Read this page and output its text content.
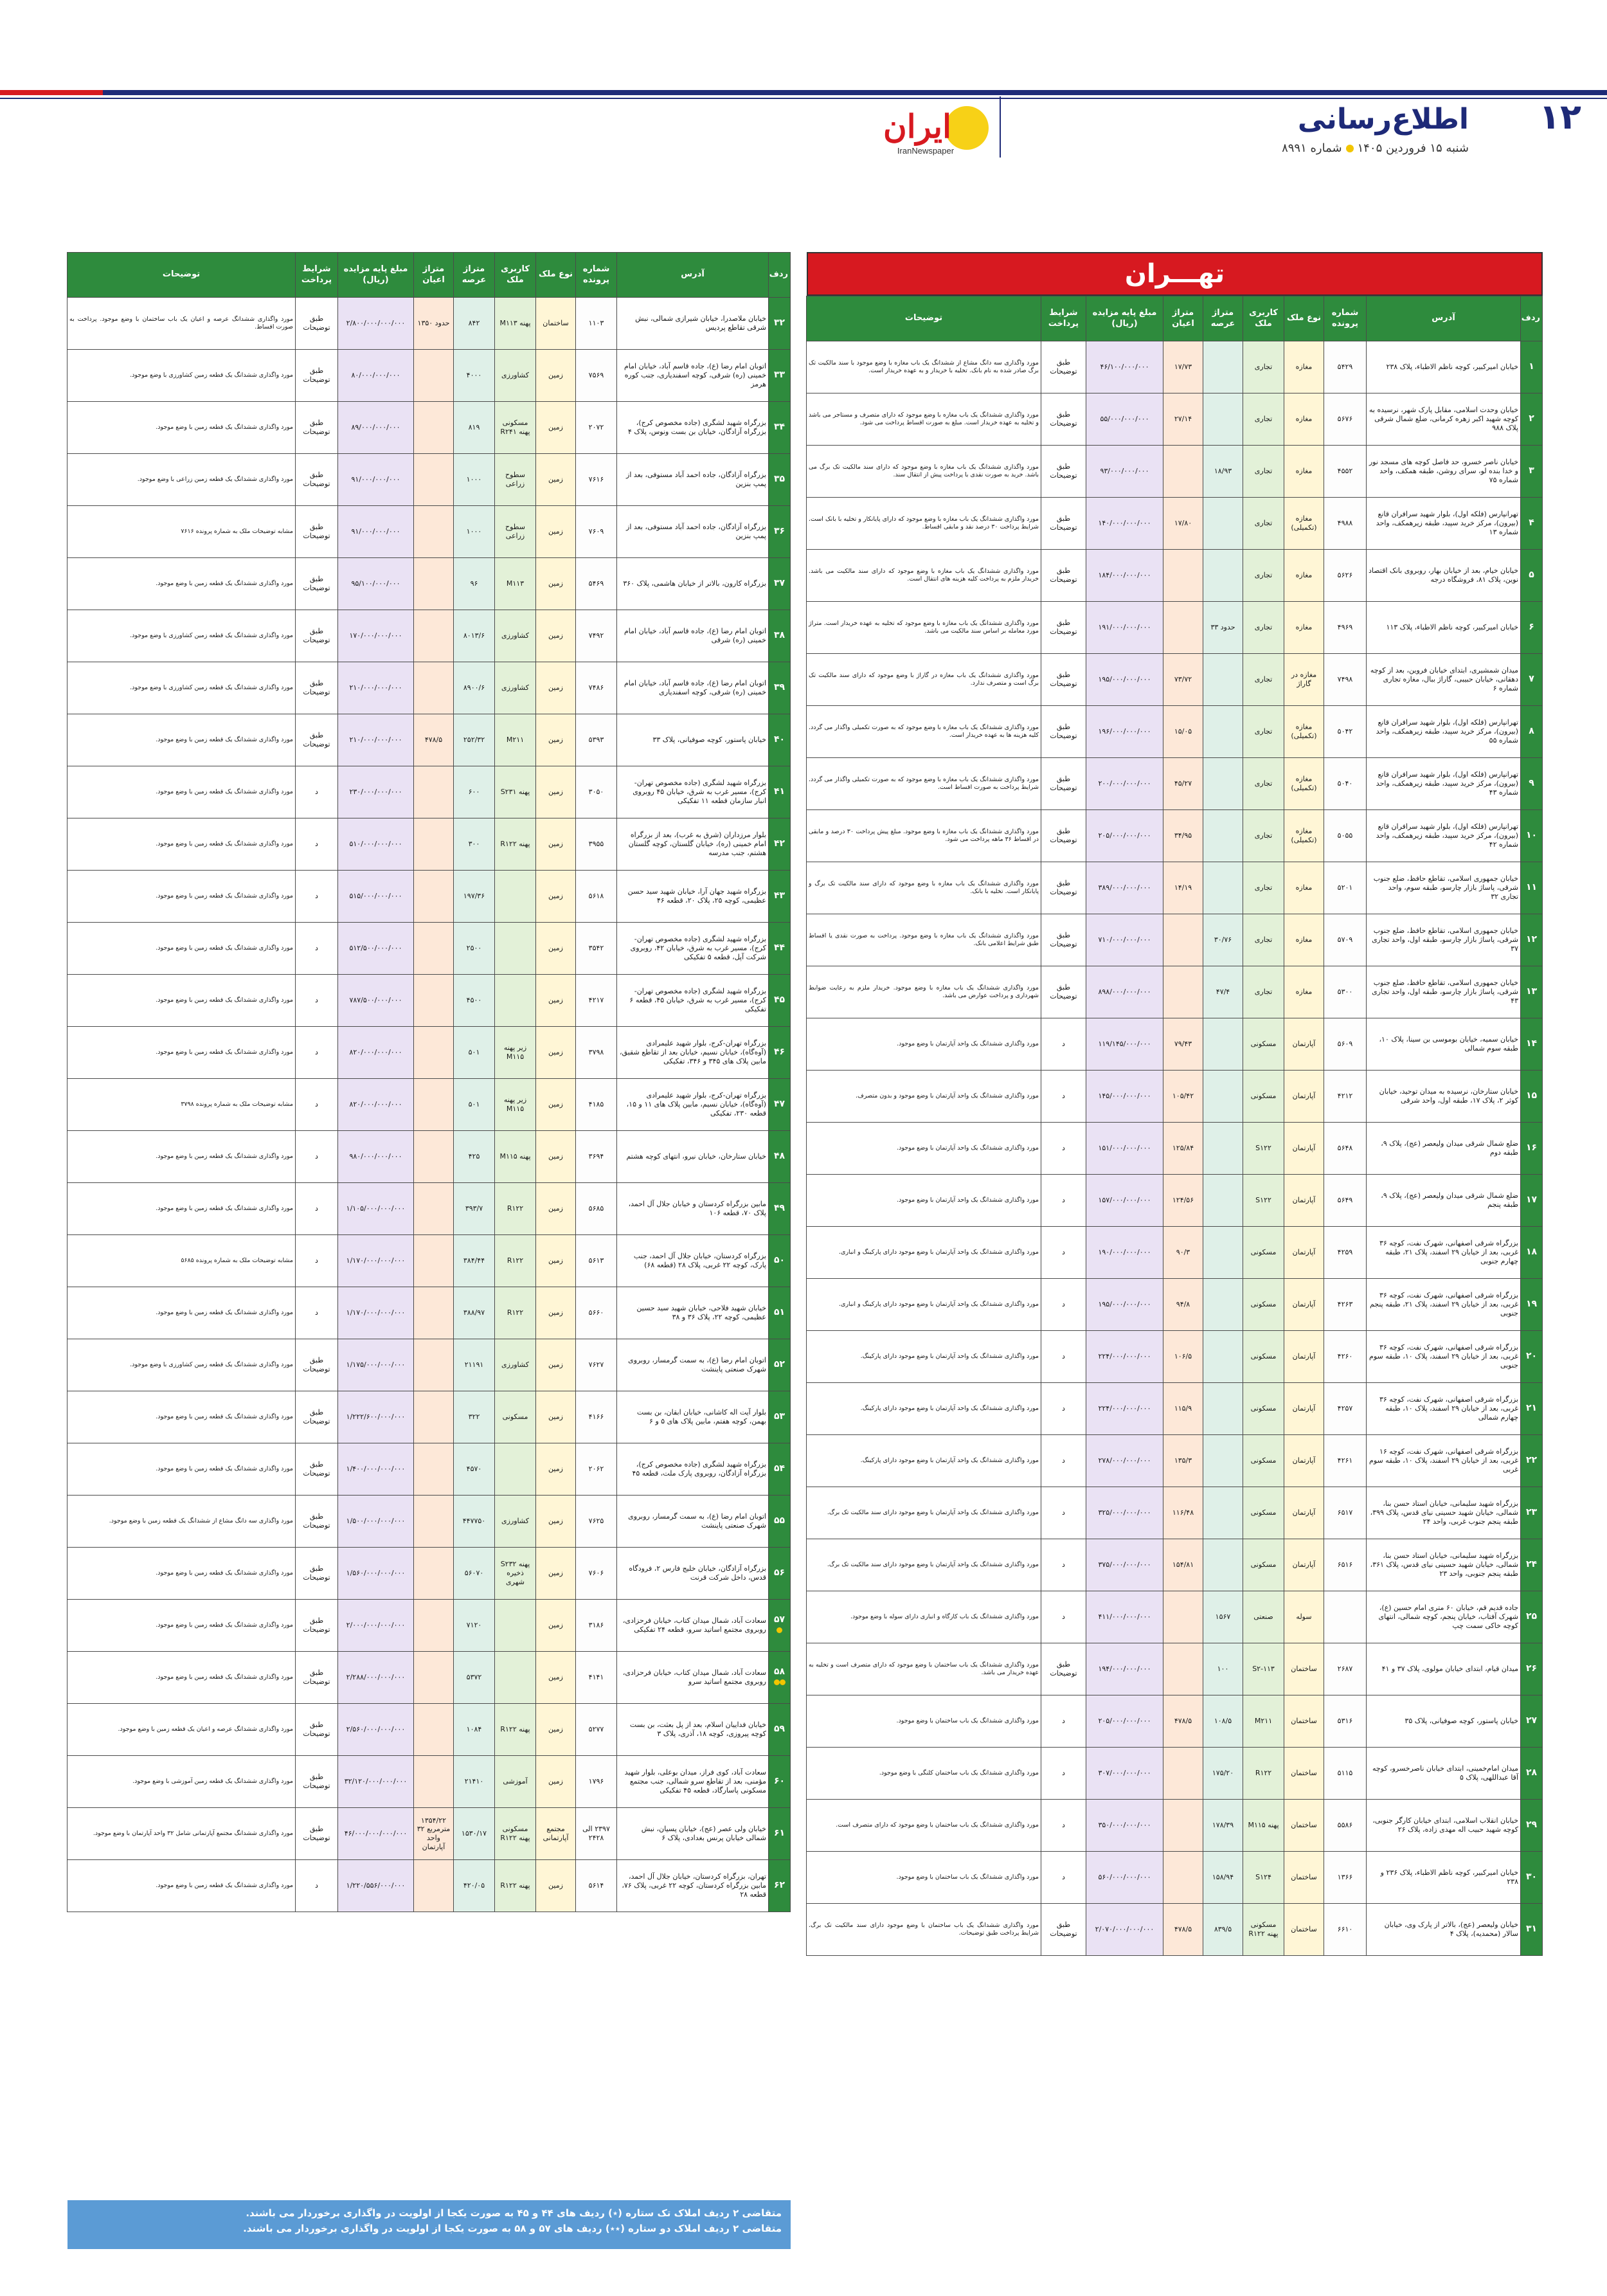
۱۲
اطلاع‌رسانی
شنبه ۱۵ فروردین ۱۴۰۵شماره ۸۹۹۱
ایران
IranNewspaper
تهـــران
ردف	آدرس	شماره پرونده	نوع ملک	کاربری ملک	متراژ عرصه	متراژ اعیان	مبلغ پایه مزایده (ریال)	شرایط پرداخت	توضیحات
۱	خیابان امیرکبیر، کوچه ناظم الاطباء، پلاک ۲۳۸	۵۴۲۹	مغازه	تجاری		۱۷/۷۳	۴۶/۱۰۰/۰۰۰/۰۰۰	طبق توضیحات	مورد واگذاری سه دانگ مشاع از ششدانگ یک باب مغازه با وضع موجود با سند مالکیت تک برگ صادر شده به نام بانک. تخلیه با خریدار و به عهده خریدار است.
۲	خیابان وحدت اسلامی، مقابل پارک شهر، نرسیده به کوچه شهید اکبر زهره کرمانی، ضلع شمال شرقی پلاک ۹۸۸	۵۶۷۶	مغازه	تجاری		۲۷/۱۴	۵۵/۰۰۰/۰۰۰/۰۰۰	طبق توضیحات	مورد واگذاری ششدانگ یک باب مغازه با وضع موجود که دارای متصرف و مستاجر می باشد و تخلیه به عهده خریدار است. مبلغ به صورت اقساط پرداخت می شود.
۳	خیابان ناصر خسرو، حد فاصل کوچه های مسجد نور و خدا بنده لو، سرای روشن، طبقه همکف، واحد شماره ۷۵	۴۵۵۲	مغازه	تجاری	۱۸/۹۳		۹۳/۰۰۰/۰۰۰/۰۰۰	طبق توضیحات	مورد واگذاری ششدانگ یک باب مغازه با وضع موجود که دارای سند مالکیت تک برگ می باشد. خرید به صورت نقدی با پرداخت پیش از انتقال سند.
۴	تهرانپارس (فلکه اول)، بلوار شهید سرافران قانع (بیرون)، مرکز خرید سپید، طبقه زیرهمکف، واحد شماره ۱۳	۴۹۸۸	مغازه (تکمیلی)	تجاری		۱۷/۸۰	۱۴۰/۰۰۰/۰۰۰/۰۰۰	طبق توضیحات	مورد واگذاری ششدانگ یک باب مغازه با وضع موجود که دارای پایانکار و تخلیه با بانک است. شرایط پرداخت ۳۰ درصد نقد و مابقی اقساط.
۵	خیابان خیام، بعد از خیابان بهار، روبروی بانک اقتصاد نوین، پلاک ۸۱، فروشگاه درجه	۵۶۲۶	مغازه	تجاری			۱۸۴/۰۰۰/۰۰۰/۰۰۰	طبق توضیحات	مورد واگذاری ششدانگ یک باب مغازه با وضع موجود که دارای سند مالکیت می باشد. خریدار ملزم به پرداخت کلیه هزینه های انتقال است.
۶	خیابان امیرکبیر، کوچه ناظم الاطباء، پلاک ۱۱۳	۴۹۶۹	مغازه	تجاری	حدود ۳۳		۱۹۱/۰۰۰/۰۰۰/۰۰۰	طبق توضیحات	مورد واگذاری ششدانگ یک باب مغازه با وضع موجود که تخلیه به عهده خریدار است. متراژ مورد معامله بر اساس سند مالکیت می باشد.
۷	میدان شمشیری، ابتدای خیابان فروین، بعد از کوچه دهقانی، خیابان حبیبی، گاراژ ببال، مغازه تجاری شماره ۶	۷۴۹۸	مغازه در گاراژ	تجاری		۷۳/۷۲	۱۹۵/۰۰۰/۰۰۰/۰۰۰	طبق توضیحات	مورد واگذاری ششدانگ یک باب مغازه در گاراژ با وضع موجود که دارای سند مالکیت تک برگ است و متصرف ندارد.
۸	تهرانپارس (فلکه اول)، بلوار شهید سرافران قانع (بیرون)، مرکز خرید سپید، طبقه زیرهمکف، واحد شماره ۵۵	۵۰۴۲	مغازه (تکمیلی)	تجاری		۱۵/۰۵	۱۹۶/۰۰۰/۰۰۰/۰۰۰	طبق توضیحات	مورد واگذاری ششدانگ یک باب مغازه با وضع موجود که به صورت تکمیلی واگذار می گردد. کلیه هزینه ها به عهده خریدار است.
۹	تهرانپارس (فلکه اول)، بلوار شهید سرافران قانع (بیرون)، مرکز خرید سپید، طبقه زیرهمکف، واحد شماره ۴۳	۵۰۴۰	مغازه (تکمیلی)	تجاری		۴۵/۲۷	۲۰۰/۰۰۰/۰۰۰/۰۰۰	طبق توضیحات	مورد واگذاری ششدانگ یک باب مغازه با وضع موجود که به صورت تکمیلی واگذار می گردد. شرایط پرداخت به صورت اقساط است.
۱۰	تهرانپارس (فلکه اول)، بلوار شهید سرافران قانع (بیرون)، مرکز خرید سپید، طبقه زیرهمکف، واحد شماره ۴۲	۵۰۵۵	مغازه (تکمیلی)	تجاری		۳۴/۹۵	۲۰۵/۰۰۰/۰۰۰/۰۰۰	طبق توضیحات	مورد واگذاری ششدانگ یک باب مغازه با وضع موجود. مبلغ پیش پرداخت ۳۰ درصد و مابقی در اقساط ۳۶ ماهه پرداخت می شود.
۱۱	خیابان جمهوری اسلامی، تقاطع حافظ، ضلع جنوب شرقی، پاساژ بازار چارسو، طبقه سوم، واحد تجاری ۳۲	۵۲۰۱	مغازه	تجاری		۱۴/۱۹	۳۸۹/۰۰۰/۰۰۰/۰۰۰	طبق توضیحات	مورد واگذاری ششدانگ یک باب مغازه با وضع موجود که دارای سند مالکیت تک برگ و پایانکار است. تخلیه با بانک.
۱۲	خیابان جمهوری اسلامی، تقاطع حافظ، ضلع جنوب شرقی، پاساژ بازار چارسو، طبقه اول، واحد تجاری ۳۷	۵۷۰۹	مغازه	تجاری	۳۰/۷۶		۷۱۰/۰۰۰/۰۰۰/۰۰۰	طبق توضیحات	مورد واگذاری ششدانگ یک باب مغازه با وضع موجود. پرداخت به صورت نقدی یا اقساط طبق شرایط اعلامی بانک.
۱۳	خیابان جمهوری اسلامی، تقاطع حافظ، ضلع جنوب شرقی، پاساژ بازار چارسو، طبقه اول، واحد تجاری ۴۳	۵۳۰۰	مغازه	تجاری	۴۷/۴		۸۹۸/۰۰۰/۰۰۰/۰۰۰	طبق توضیحات	مورد واگذاری ششدانگ یک باب مغازه با وضع موجود. خریدار ملزم به رعایت ضوابط شهرداری و پرداخت عوارض می باشد.
۱۴	خیابان سمیه، خیابان بوموسی بن سینا، پلاک ۱۰، طبقه سوم شمالی	۵۶۰۹	آپارتمان	مسکونی		۷۹/۴۳	۱۱۹/۱۴۵/۰۰۰/۰۰۰	د	مورد واگذاری ششدانگ یک واحد آپارتمان با وضع موجود.
۱۵	خیابان ستارخان، نرسیده به میدان توحید، خیابان کوثر ۲، پلاک ۱۷، طبقه اول، واحد شرقی	۴۲۱۲	آپارتمان	مسکونی		۱۰۵/۴۲	۱۴۵/۰۰۰/۰۰۰/۰۰۰	د	مورد واگذاری ششدانگ یک واحد آپارتمان با وضع موجود و بدون متصرف.
۱۶	ضلع شمال شرقی میدان ولیعصر (عج)، پلاک ۹، طبقه دوم	۵۶۴۸	آپارتمان	S۱۲۲		۱۲۵/۸۴	۱۵۱/۰۰۰/۰۰۰/۰۰۰	د	مورد واگذاری ششدانگ یک واحد آپارتمان با وضع موجود.
۱۷	ضلع شمال شرقی میدان ولیعصر (عج)، پلاک ۹، طبقه پنجم	۵۶۴۹	آپارتمان	S۱۲۲		۱۲۴/۵۶	۱۵۷/۰۰۰/۰۰۰/۰۰۰	د	مورد واگذاری ششدانگ یک واحد آپارتمان با وضع موجود.
۱۸	بزرگراه شرقی اصفهانی، شهرک نفت، کوچه ۳۶ غربی، بعد از خیابان ۲۹ اسفند، پلاک ۲۱، طبقه چهارم جنوبی	۴۲۵۹	آپارتمان	مسکونی		۹۰/۳	۱۹۰/۰۰۰/۰۰۰/۰۰۰	د	مورد واگذاری ششدانگ یک واحد آپارتمان با وضع موجود دارای پارکینگ و انباری.
۱۹	بزرگراه شرقی اصفهانی، شهرک نفت، کوچه ۳۶ غربی، بعد از خیابان ۲۹ اسفند، پلاک ۲۱، طبقه پنجم جنوبی	۴۲۶۳	آپارتمان	مسکونی		۹۴/۸	۱۹۵/۰۰۰/۰۰۰/۰۰۰	د	مورد واگذاری ششدانگ یک واحد آپارتمان با وضع موجود دارای پارکینگ و انباری.
۲۰	بزرگراه شرقی اصفهانی، شهرک نفت، کوچه ۳۶ غربی، بعد از خیابان ۲۹ اسفند، پلاک ۱۰، طبقه سوم جنوبی	۴۲۶۰	آپارتمان	مسکونی		۱۰۶/۵	۲۲۴/۰۰۰/۰۰۰/۰۰۰	د	مورد واگذاری ششدانگ یک واحد آپارتمان با وضع موجود دارای پارکینگ.
۲۱	بزرگراه شرقی اصفهانی، شهرک نفت، کوچه ۳۶ غربی، بعد از خیابان ۲۹ اسفند، پلاک ۱۰، طبقه چهارم شمالی	۴۲۵۷	آپارتمان	مسکونی		۱۱۵/۹	۲۲۴/۰۰۰/۰۰۰/۰۰۰	د	مورد واگذاری ششدانگ یک واحد آپارتمان با وضع موجود دارای پارکینگ.
۲۲	بزرگراه شرقی اصفهانی، شهرک نفت، کوچه ۱۶ غربی، بعد از خیابان ۲۹ اسفند، پلاک ۱۰، طبقه سوم غربی	۴۲۶۱	آپارتمان	مسکونی		۱۳۵/۳	۲۷۸/۰۰۰/۰۰۰/۰۰۰	د	مورد واگذاری ششدانگ یک واحد آپارتمان با وضع موجود دارای پارکینگ.
۲۳	بزرگراه شهید سلیمانی، خیابان استاد حسن بنا، شمالی، خیابان شهید حسینی نیای قدس، پلاک ۳۹۹، طبقه پنجم جنوب غربی، واحد ۲۴	۶۵۱۷	آپارتمان	مسکونی		۱۱۶/۴۸	۳۲۵/۰۰۰/۰۰۰/۰۰۰	د	مورد واگذاری ششدانگ یک واحد آپارتمان با وضع موجود دارای سند مالکیت تک برگ.
۲۴	بزرگراه شهید سلیمانی، خیابان استاد حسن بنا، شمالی، خیابان شهید حسینی نیای قدس، پلاک ۳۶۱، طبقه پنجم جنوبی، واحد ۲۳	۶۵۱۶	آپارتمان	مسکونی		۱۵۴/۸۱	۳۷۵/۰۰۰/۰۰۰/۰۰۰	د	مورد واگذاری ششدانگ یک واحد آپارتمان با وضع موجود دارای سند مالکیت تک برگ.
۲۵	جاده قدیم قم، خیابان ۶۰ متری امام حسین (ع)، شهرک آفتاب، خیابان پنجم، کوچه شمالی، انتهای کوچه خاکی سمت چپ		سوله	صنعتی	۱۵۶۷		۴۱۱/۰۰۰/۰۰۰/۰۰۰	د	مورد واگذاری ششدانگ یک باب کارگاه و انباری دارای سوله با وضع موجود.
۲۶	میدان قیام، ابتدای خیابان مولوی، پلاک ۳۷ و ۴۱	۲۶۸۷	ساختمان	S۲-۱۱۳	۱۰۰		۱۹۴/۰۰۰/۰۰۰/۰۰۰	طبق توضیحات	مورد واگذاری ششدانگ یک باب ساختمان با وضع موجود که دارای متصرف است و تخلیه به عهده خریدار می باشد.
۲۷	خیابان پاستور، کوچه صوفیانی، پلاک ۳۵	۵۳۱۶	ساختمان	M۲۱۱	۱۰۸/۵	۴۷۸/۵	۲۰۵/۰۰۰/۰۰۰/۰۰۰	د	مورد واگذاری ششدانگ یک باب ساختمان با وضع موجود.
۲۸	میدان امام‌خمینی، ابتدای خیابان ناصرخسرو، کوچه آقا عبداللهی، پلاک ۵	۵۱۱۵	ساختمان	R۱۲۲	۱۷۵/۲۰		۳۰۷/۰۰۰/۰۰۰/۰۰۰	د	مورد واگذاری ششدانگ یک باب ساختمان کلنگی با وضع موجود.
۲۹	خیابان انقلاب اسلامی، ابتدای خیابان کارگر جنوبی، کوچه شهید حبیب اله مهدی زاده، پلاک ۲۶	۵۵۸۶	ساختمان	پهنه M۱۱۵	۱۷۸/۳۹		۳۵۰/۰۰۰/۰۰۰/۰۰۰	د	مورد واگذاری ششدانگ یک باب ساختمان با وضع موجود که دارای متصرف است.
۳۰	خیابان امیرکبیر، کوچه ناظم الاطباء، پلاک ۲۳۶ و ۲۳۸	۱۳۶۶	ساختمان	S۱۲۴	۱۵۸/۹۴		۵۶۰/۰۰۰/۰۰۰/۰۰۰	د	مورد واگذاری ششدانگ یک باب ساختمان با وضع موجود.
۳۱	خیابان ولیعصر (عج)، بالاتر از پارک وی، خیابان سالار (محمدیه)، پلاک ۴	۶۶۱۰	ساختمان	مسکونی پهنه R۱۲۲	۸۳۹/۵	۴۷۸/۵	۲/۰۷۰/۰۰۰/۰۰۰/۰۰۰	طبق توضیحات	مورد واگذاری ششدانگ یک باب ساختمان با وضع موجود دارای سند مالکیت تک برگ. شرایط پرداخت طبق توضیحات.
ردف	آدرس	شماره پرونده	نوع ملک	کاربری ملک	متراژ عرصه	متراژ اعیان	مبلغ پایه مزایده (ریال)	شرایط پرداخت	توضیحات
۳۲	خیابان ملاصدرا، خیابان شیرازی شمالی، نبش شرقی تقاطع پردیس	۱۱۰۳	ساختمان	پهنه M۱۱۳	۸۴۲	حدود ۱۳۵۰	۲/۸۰۰/۰۰۰/۰۰۰/۰۰۰	طبق توضیحات	مورد واگذاری ششدانگ عرصه و اعیان یک باب ساختمان با وضع موجود. پرداخت به صورت اقساط.
۳۳	اتوبان امام رضا (ع)، جاده قاسم آباد، خیابان امام خمینی (ره) شرقی، کوچه اسفندیاری، جنب کوره هرمز	۷۵۶۹	زمین	کشاورزی	۴۰۰۰		۸۰/۰۰۰/۰۰۰/۰۰۰	طبق توضیحات	مورد واگذاری ششدانگ یک قطعه زمین کشاورزی با وضع موجود.
۳۴	بزرگراه شهید لشگری (جاده مخصوص کرج)، بزرگراه آزادگان، خیابان بن بست ونوس، پلاک ۴	۲۰۷۲	زمین	مسکونی پهنه R۲۴۱	۸۱۹		۸۹/۰۰۰/۰۰۰/۰۰۰	طبق توضیحات	مورد واگذاری ششدانگ یک قطعه زمین با وضع موجود.
۳۵	بزرگراه آزادگان، جاده احمد آباد مستوفی، بعد از پمپ بنزین	۷۶۱۶	زمین	سطوح زراعی	۱۰۰۰		۹۱/۰۰۰/۰۰۰/۰۰۰	طبق توضیحات	مورد واگذاری ششدانگ یک قطعه زمین زراعی با وضع موجود.
۳۶	بزرگراه آزادگان، جاده احمد آباد مستوفی، بعد از پمپ بنزین	۷۶۰۹	زمین	سطوح زراعی	۱۰۰۰		۹۱/۰۰۰/۰۰۰/۰۰۰	طبق توضیحات	مشابه توضیحات ملک به شماره پرونده ۷۶۱۶
۳۷	بزرگراه کارون، بالاتر از خیابان هاشمی، پلاک ۳۶۰	۵۴۶۹	زمین	M۱۱۳	۹۶		۹۵/۱۰۰/۰۰۰/۰۰۰	طبق توضیحات	مورد واگذاری ششدانگ یک قطعه زمین با وضع موجود.
۳۸	اتوبان امام رضا (ع)، جاده قاسم آباد، خیابان امام خمینی (ره) شرقی	۷۴۹۲	زمین	کشاورزی	۸۰۱۳/۶		۱۷۰/۰۰۰/۰۰۰/۰۰۰	طبق توضیحات	مورد واگذاری ششدانگ یک قطعه زمین کشاورزی با وضع موجود.
۳۹	اتوبان امام رضا (ع)، جاده قاسم آباد، خیابان امام خمینی (ره) شرقی، کوچه اسفندیاری	۷۴۸۶	زمین	کشاورزی	۸۹۰۰/۶		۲۱۰/۰۰۰/۰۰۰/۰۰۰	طبق توضیحات	مورد واگذاری ششدانگ یک قطعه زمین کشاورزی با وضع موجود.
۴۰	خیابان پاستور، کوچه صوفیانی، پلاک ۳۳	۵۳۹۳	زمین	M۲۱۱	۲۵۲/۳۲	۴۷۸/۵	۲۱۰/۰۰۰/۰۰۰/۰۰۰	طبق توضیحات	مورد واگذاری ششدانگ یک قطعه زمین با وضع موجود.
۴۱	بزرگراه شهید لشگری (جاده مخصوص تهران-کرج)، مسیر غرب به شرق، خیابان ۴۵ روبروی انبار سازمان قطعه ۱۱ تفکیکی	۳۰۵۰	زمین	پهنه S۲۳۱	۶۰۰		۲۳۰/۰۰۰/۰۰۰/۰۰۰	د	مورد واگذاری ششدانگ یک قطعه زمین با وضع موجود.
۴۲	بلوار مرزداران (شرق به غرب)، بعد از بزرگراه امام خمینی (ره)، خیابان گلستان، کوچه گلستان هشتم، جنب مدرسه	۳۹۵۵	زمین	پهنه R۱۲۲	۳۰۰		۵۱۰/۰۰۰/۰۰۰/۰۰۰	د	مورد واگذاری ششدانگ یک قطعه زمین با وضع موجود.
۴۳	بزرگراه شهید جهان آرا، خیابان شهید سید حسن عظیمی، کوچه ۲۵، پلاک ۲۰، قطعه ۴۶	۵۶۱۸	زمین		۱۹۷/۳۶		۵۱۵/۰۰۰/۰۰۰/۰۰۰	د	مورد واگذاری ششدانگ یک قطعه زمین با وضع موجود.
۴۴	بزرگراه شهید لشگری (جاده مخصوص تهران-کرج)، مسیر غرب به شرق، خیابان ۴۲، روبروی شرکت آپل، قطعه ۵ تفکیکی	۳۵۴۲	زمین		۲۵۰۰		۵۱۲/۵۰۰/۰۰۰/۰۰۰	د	مورد واگذاری ششدانگ یک قطعه زمین با وضع موجود.
۴۵	بزرگراه شهید لشگری (جاده مخصوص تهران-کرج)، مسیر غرب به شرق، خیابان ۴۵، قطعه ۶ تفکیکی	۴۲۱۷	زمین		۴۵۰۰		۷۸۷/۵۰۰/۰۰۰/۰۰۰	د	مورد واگذاری ششدانگ یک قطعه زمین با وضع موجود.
۴۶	بزرگراه تهران-کرج، بلوار شهید علیمرادی (آوه‌گاه)، خیابان نسیم، خیابان بعد از تقاطع شقیق، مابین پلاک های ۳۴۵ و ۳۴۶، تفکیکی	۳۷۹۸	زمین	زیر پهنه M۱۱۵	۵۰۱		۸۲۰/۰۰۰/۰۰۰/۰۰۰	د	مورد واگذاری ششدانگ یک قطعه زمین با وضع موجود.
۴۷	بزرگراه تهران-کرج، بلوار شهید علیمرادی (آوه‌گاه)، خیابان نسیم، مابین پلاک های ۱۱ و ۱۵، قطعه ۲۳۰، تفکیکی	۴۱۸۵	زمین	زیر پهنه M۱۱۵	۵۰۱		۸۲۰/۰۰۰/۰۰۰/۰۰۰	د	مشابه توضیحات ملک به شماره پرونده ۳۷۹۸
۴۸	خیابان ستارخان، خیابان نیرو، انتهای کوچه هشتم	۳۶۹۴	زمین	پهنه M۱۱۵	۴۲۵		۹۸۰/۰۰۰/۰۰۰/۰۰۰	د	مورد واگذاری ششدانگ یک قطعه زمین با وضع موجود.
۴۹	مابین بزرگراه کردستان و خیابان جلال آل احمد، پلاک ۷۰، قطعه ۱۰۶	۵۶۸۵	زمین	R۱۲۲	۳۹۳/۷		۱/۱۰۵/۰۰۰/۰۰۰/۰۰۰	د	مورد واگذاری ششدانگ یک قطعه زمین با وضع موجود.
۵۰	بزرگراه کردستان، خیابان جلال آل احمد، جنب پارک، کوچه ۲۲ غربی، پلاک ۲۸ (قطعه ۶۸)	۵۶۱۳	زمین	R۱۲۲	۳۸۴/۴۴		۱/۱۷۰/۰۰۰/۰۰۰/۰۰۰	د	مشابه توضیحات ملک به شماره پرونده ۵۶۸۵
۵۱	خیابان شهید فلاحی، خیابان شهید سید حسین عظیمی، کوچه ۲۲، پلاک ۳۶ و ۳۸	۵۶۶۰	زمین	R۱۲۲	۳۸۸/۹۷		۱/۱۷۰/۰۰۰/۰۰۰/۰۰۰	د	مورد واگذاری ششدانگ یک قطعه زمین با وضع موجود.
۵۲	اتوبان امام رضا (ع)، به سمت گرمسار، روبروی شهرک صنعتی پاینشت	۷۶۲۷	زمین	کشاورزی	۲۱۱۹۱		۱/۱۷۵/۰۰۰/۰۰۰/۰۰۰	طبق توضیحات	مورد واگذاری ششدانگ یک قطعه زمین کشاورزی با وضع موجود.
۵۳	بلوار آیت اله کاشانی، خیابان ابقان، بن بست بهمن، کوچه هفتم، مابین پلاک های ۵ و ۶	۴۱۶۶	زمین	مسکونی	۳۲۲		۱/۲۲۲/۶۰۰/۰۰۰/۰۰۰	طبق توضیحات	مورد واگذاری ششدانگ یک قطعه زمین با وضع موجود.
۵۴	بزرگراه شهید لشگری (جاده مخصوص کرج)، بزرگراه آزادگان، روبروی پارک ملت، قطعه ۴۵	۲۰۶۲	زمین		۴۵۷۰		۱/۴۰۰/۰۰۰/۰۰۰/۰۰۰	طبق توضیحات	مورد واگذاری ششدانگ یک قطعه زمین با وضع موجود.
۵۵	اتوبان امام رضا (ع)، به سمت گرمسار، روبروی شهرک صنعتی پاینشت	۷۶۲۵	زمین	کشاورزی	۴۴۷۷۵۰		۱/۵۰۰/۰۰۰/۰۰۰/۰۰۰	طبق توضیحات	مورد واگذاری سه دانگ مشاع از ششدانگ یک قطعه زمین با وضع موجود.
۵۶	بزرگراه آزادگان، خیابان خلیج فارس ۲، فرودگاه قدس، داخل شرکت قرنت	۷۶۰۶	زمین	پهنه S۲۳۲ ذخیره شهری	۵۶۰۷۰		۱/۵۶۰/۰۰۰/۰۰۰/۰۰۰	طبق توضیحات	مورد واگذاری ششدانگ یک قطعه زمین با وضع موجود.
۵۷	سعادت آباد، شمال میدان کتاب، خیابان فرحزادی، روبروی مجتمع اساتید سرو، قطعه ۲۴ تفکیکی	۳۱۸۶	زمین		۷۱۲۰		۲/۰۰۰/۰۰۰/۰۰۰/۰۰۰	طبق توضیحات	مورد واگذاری ششدانگ یک قطعه زمین با وضع موجود.
۵۸	سعادت آباد، شمال میدان کتاب، خیابان فرحزادی، روبروی مجتمع اساتید سرو	۴۱۴۱	زمین		۵۳۷۲		۲/۲۸۸/۰۰۰/۰۰۰/۰۰۰	طبق توضیحات	مورد واگذاری ششدانگ یک قطعه زمین با وضع موجود.
۵۹	خیابان فداییان اسلام، بعد از پل بعثت، بن بست کوچه پیروزی، کوچه ۱۸، آذری، پلاک ۳	۵۲۷۷	زمین	پهنه R۱۲۲	۱۰۸۴		۲/۵۶۰/۰۰۰/۰۰۰/۰۰۰	طبق توضیحات	مورد واگذاری ششدانگ عرصه و اعیان یک قطعه زمین با وضع موجود.
۶۰	سعادت آباد، کوی فراز، میدان بوعلی، بلوار شهید مؤمنی، بعد از تقاطع سرو شمالی، جنب مجتمع مسکونی پاسارگاد، قطعه ۴۵ تفکیکی	۱۷۹۶	زمین	آموزشی	۲۱۴۱۰		۳۲/۱۲۰/۰۰۰/۰۰۰/۰۰۰	طبق توضیحات	مورد واگذاری ششدانگ یک قطعه زمین آموزشی با وضع موجود.
۶۱	خیابان ولی عصر (عج)، خیابان پسیان، نبش شمالی خیابان پرنس بغدادی، پلاک ۶	۲۳۹۷ الی ۲۴۲۸	مجتمع آپارتمانی	مسکونی پهنه R۱۲۲	۱۵۳۰/۱۷	۱۳۵۴/۲۲ مترمربع ۳۲ واحد آپارتمان	۴۶/۰۰۰/۰۰۰/۰۰۰/۰۰۰	طبق توضیحات	مورد واگذاری ششدانگ مجتمع آپارتمانی شامل ۳۲ واحد آپارتمان با وضع موجود.
۶۲	تهران، بزرگراه کردستان، خیابان جلال آل احمد، مابین بزرگراه کردستان، کوچه ۲۲ غربی، پلاک ۷۶، قطعه ۲۸	۵۶۱۴	زمین	پهنه R۱۲۲	۴۲۰/۰۵		۱/۲۲۰/۵۵۶/۰۰۰/۰۰۰	د	مورد واگذاری ششدانگ یک قطعه زمین با وضع موجود.
متقاضی ۲ ردیف املاک تک ستاره (٭) ردیف های ۴۴ و ۴۵ به صورت یکجا از اولویت در واگذاری برخوردار می باشند.
متقاضی ۲ ردیف املاک دو ستاره (٭٭) ردیف های ۵۷ و ۵۸ به صورت یکجا از اولویت در واگذاری برخوردار می باشند.
